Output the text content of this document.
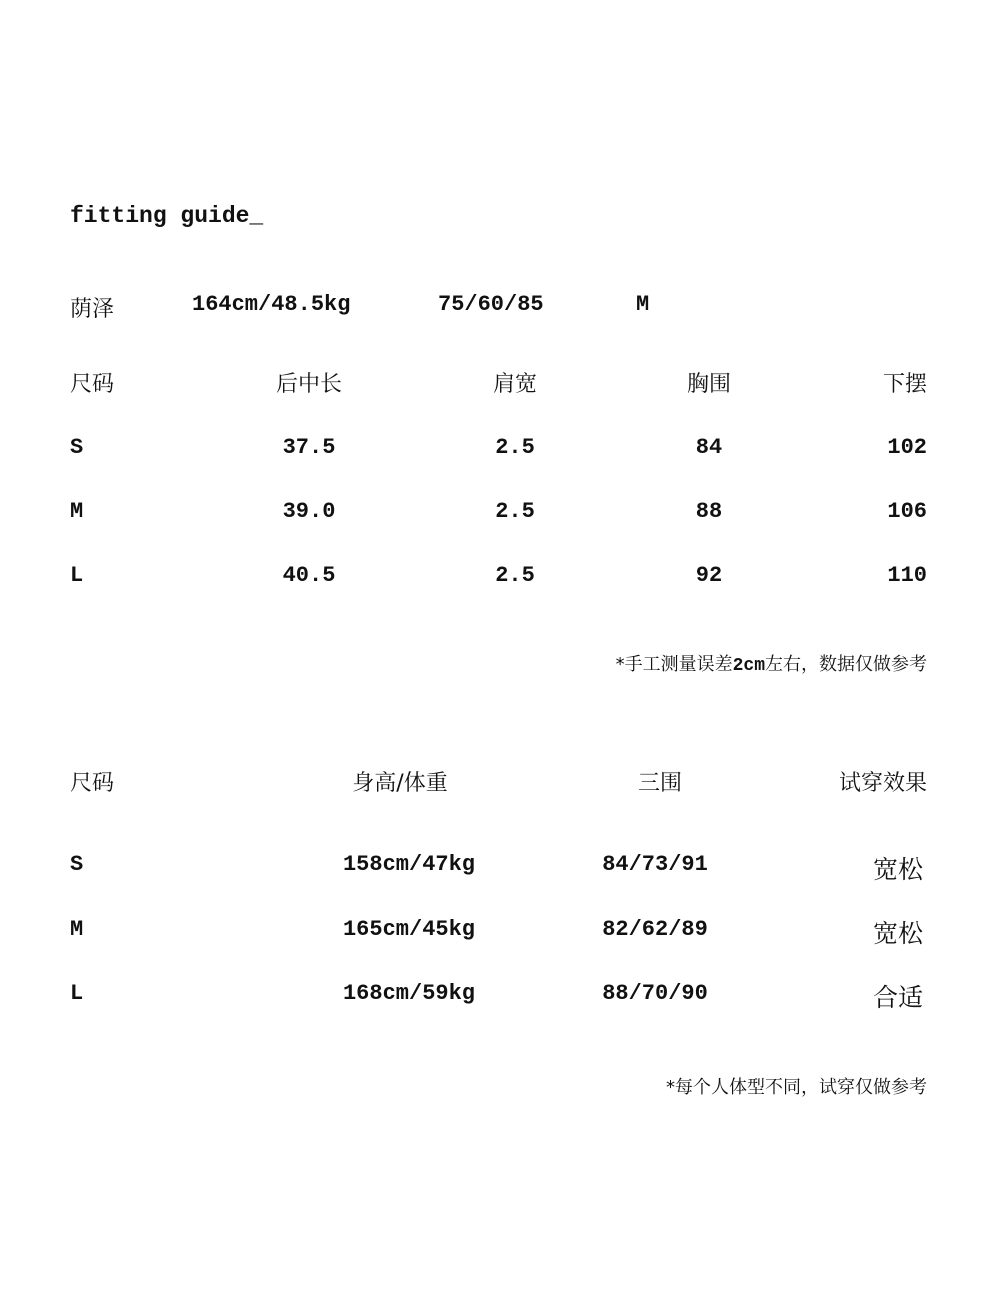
fitting guide_
荫泽	164cm/48.5kg	75/60/85	M
尺码	后中长	肩宽	胸围	下摆
S	37.5	2.5	84	102
M	39.0	2.5	88	106
L	40.5	2.5	92	110
*手工测量误差2cm左右，数据仅做参考
尺码	身高/体重	三围	试穿效果
S	158cm/47kg	84/73/91	宽松
M	165cm/45kg	82/62/89	宽松
L	168cm/59kg	88/70/90	合适
*每个人体型不同，试穿仅做参考
